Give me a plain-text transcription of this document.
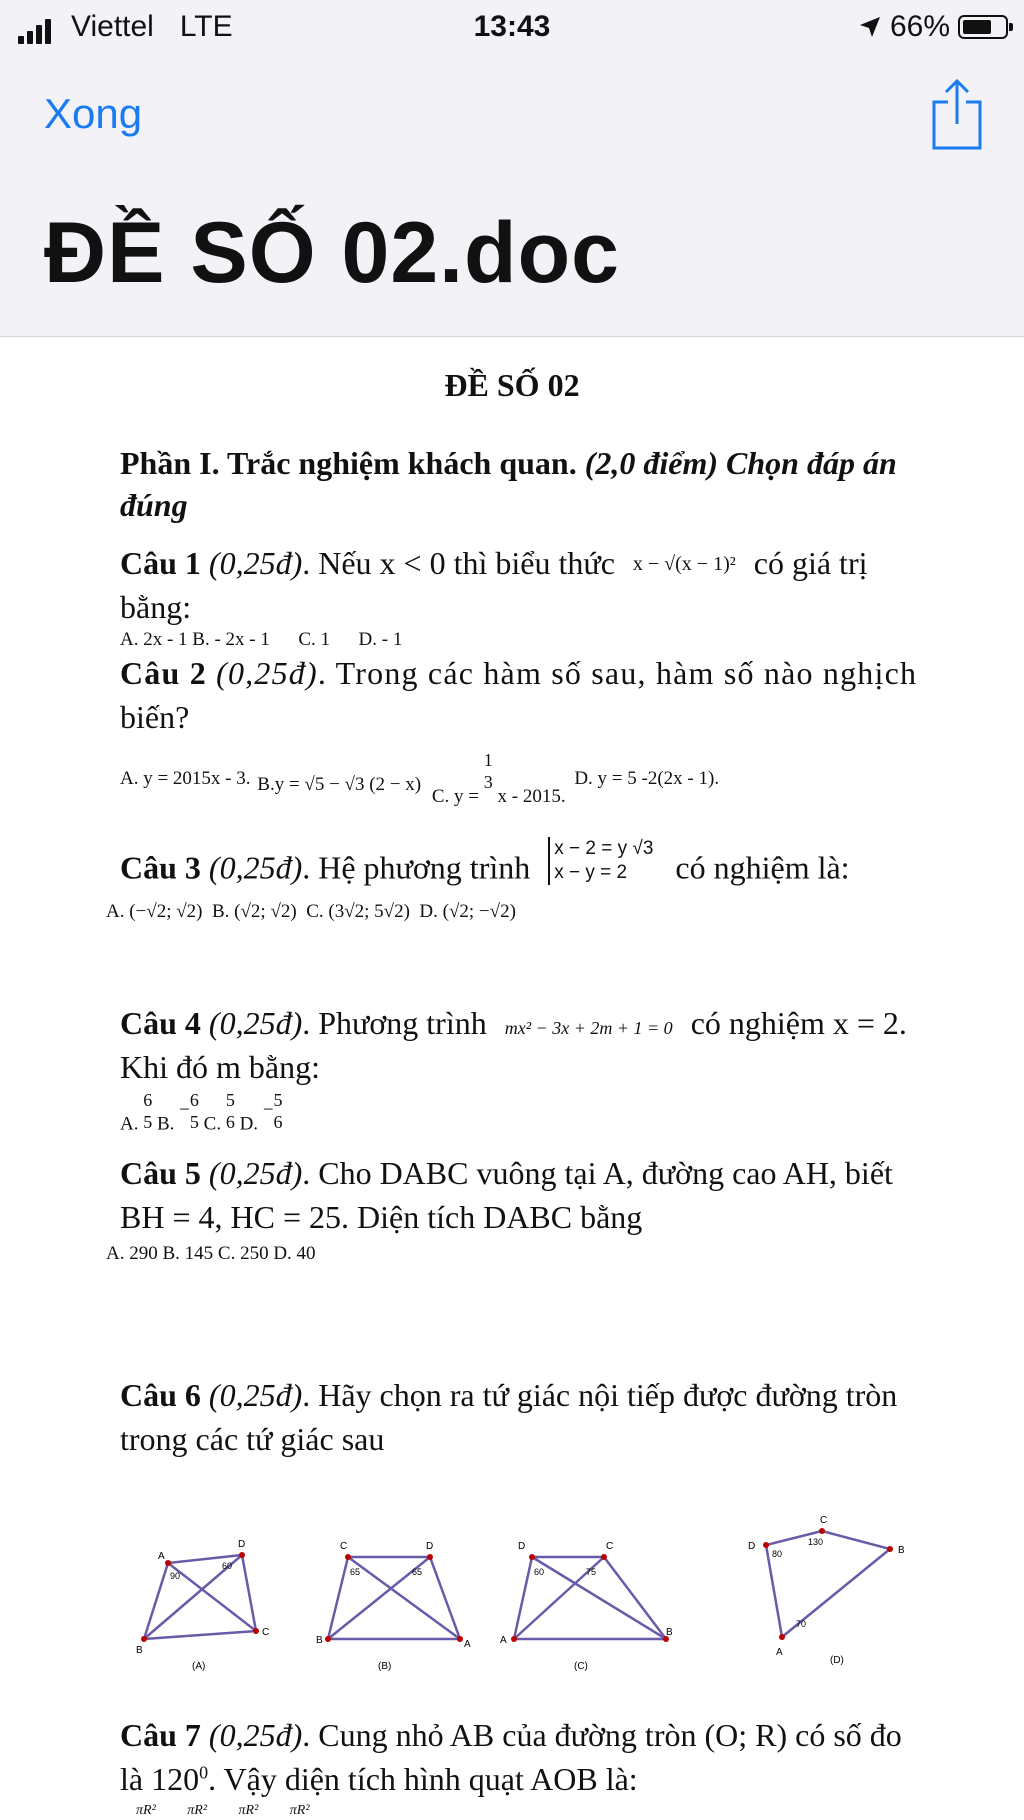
Viettel LTE	13:43	66%
Xong
ĐỀ SỐ 02.doc
ĐỀ SỐ 02
Phần I. Trắc nghiệm khách quan. (2,0 điểm) Chọn đáp án
đúng
Câu 1 (0,25đ). Nếu x < 0 thì biểu thức x − √(x − 1)² có giá trị
bằng:
A. 2x - 1 B. - 2x - 1      C. 1      D. - 1
Câu 2 (0,25đ). Trong các hàm số sau, hàm số nào nghịch
biến?
A. y = 2015x - 3. B.y = √5 − √3 (2 − x) C. y = 1
3 x - 2015. D. y = 5 -2(2x - 1).
Câu 3 (0,25đ). Hệ phương trình x − 2 = y √3
x − y = 2 có nghiệm là:
A. (−√2; √2) B. (√2; √2) C. (3√2; 5√2) D. (√2; −√2)
Câu 4 (0,25đ). Phương trình mx² − 3x + 2m + 1 = 0 có nghiệm x = 2.
Khi đó m bằng:
A. 6
5 B. −6
5 C. 5
6 D. −5
6
Câu 5 (0,25đ). Cho DABC vuông tại A, đường cao AH, biết
BH = 4, HC = 25. Diện tích DABC bằng
A. 290 B. 145 C. 250 D. 40
Câu 6 (0,25đ). Hãy chọn ra tứ giác nội tiếp được đường tròn
trong các tứ giác sau
A
B
C
D
90
60
(A)
B
C	D
A
65	65
(B)
A
D	C
B
60	75
(C)
C
D	B
A
130
80
70
(D)
Câu 7 (0,25đ). Cung nhỏ AB của đường tròn (O; R) có số đo
là $120^0$. Vậy diện tích hình quạt AOB là:
πR² πR² πR² πR²
